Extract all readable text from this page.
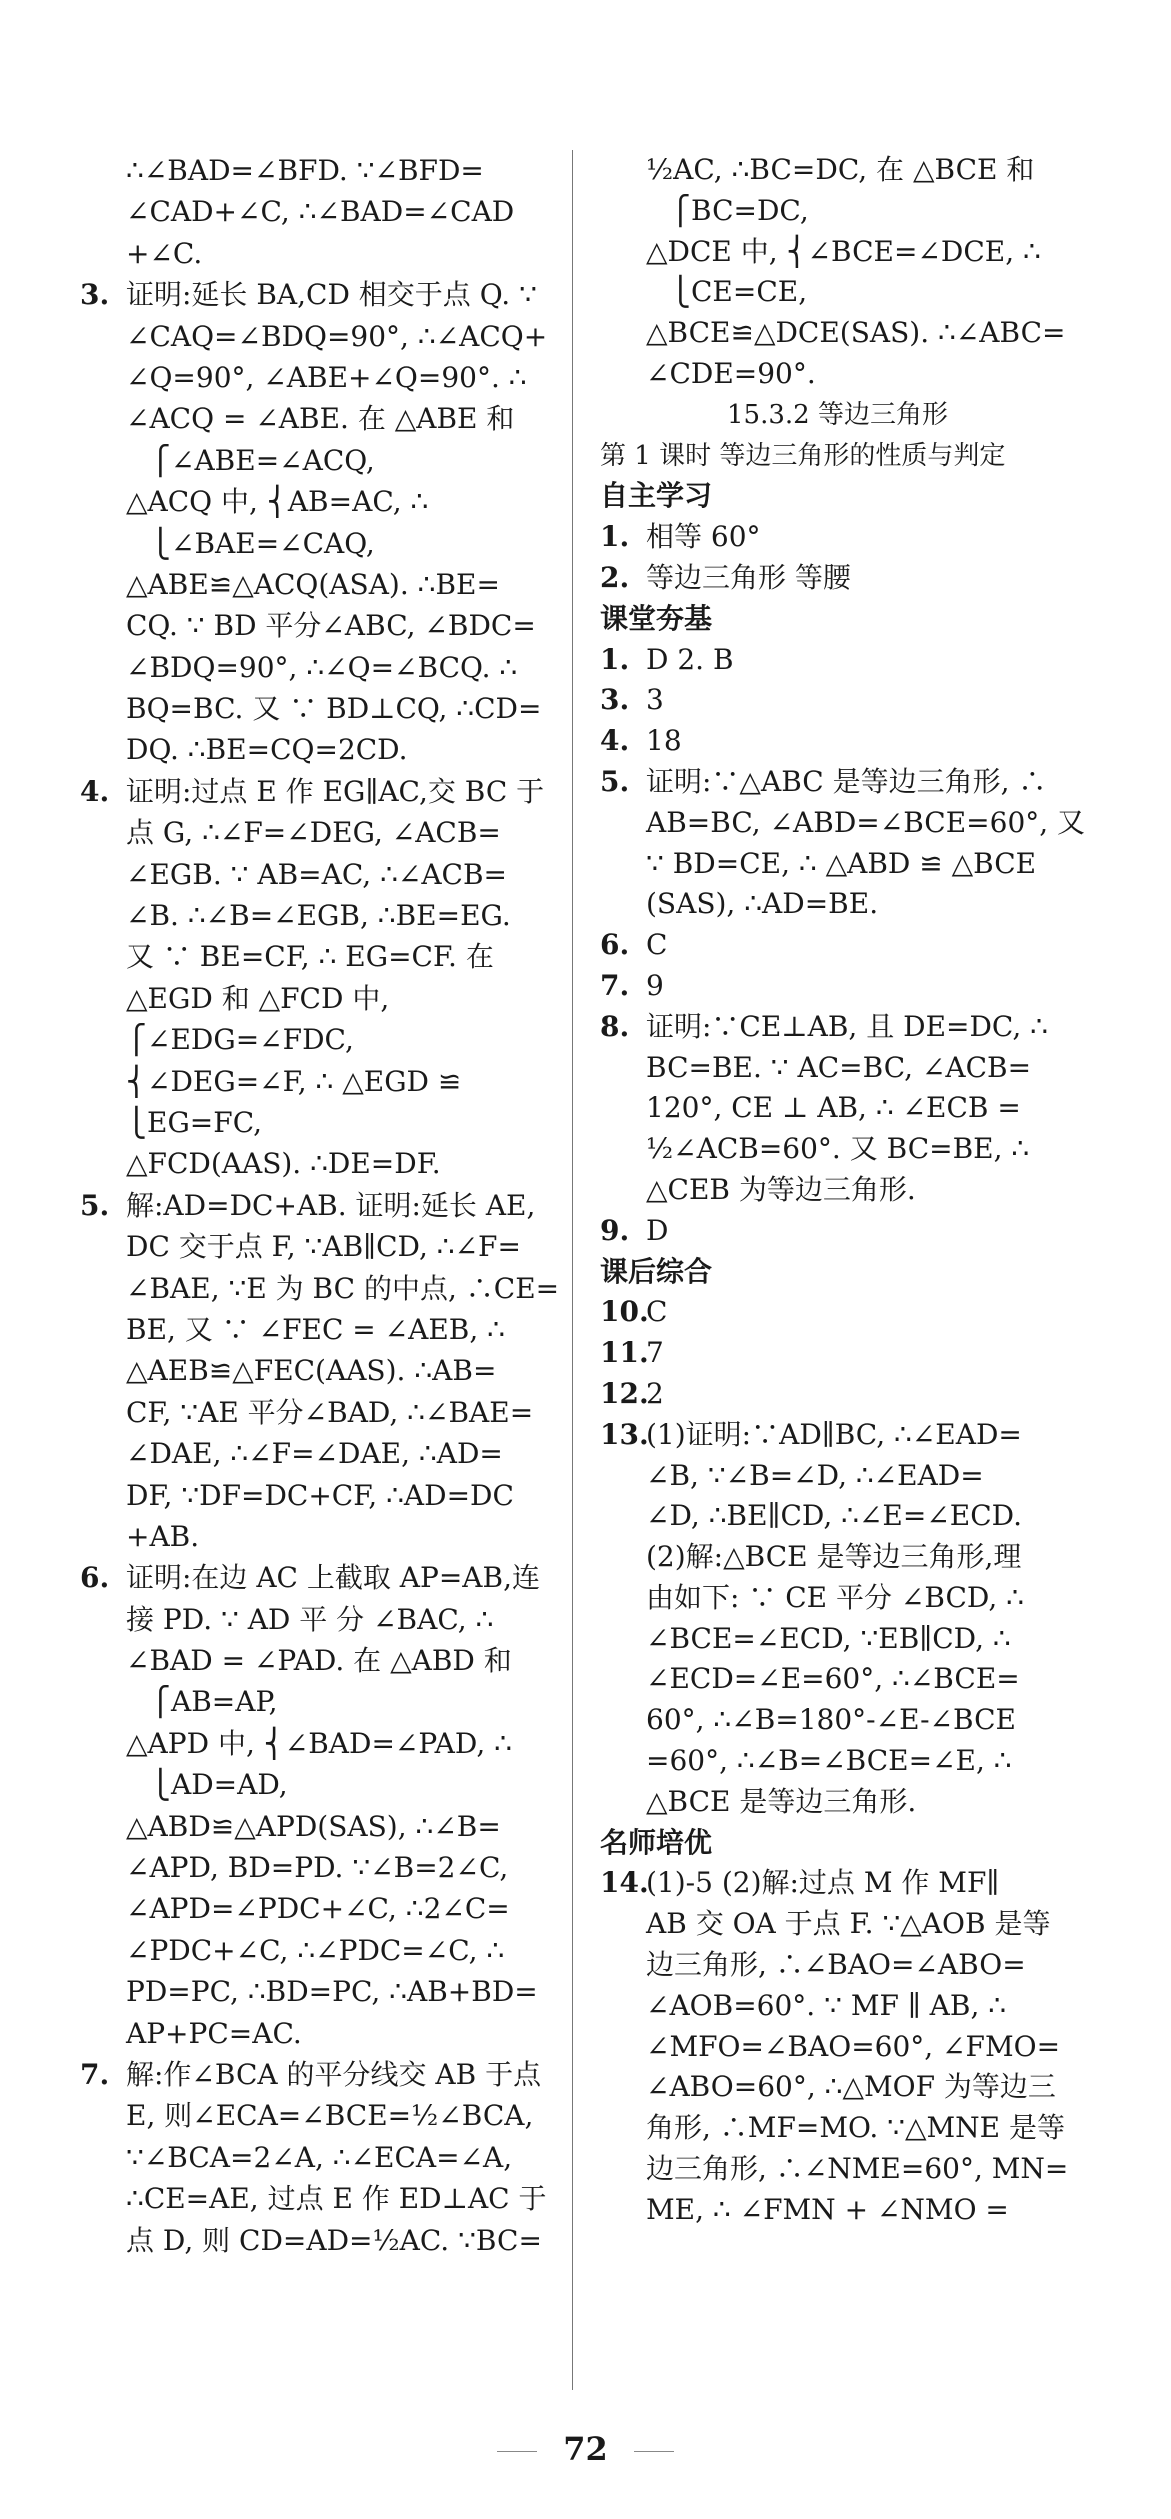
∴∠BAD=∠BFD. ∵∠BFD=
∠CAD+∠C, ∴∠BAD=∠CAD
+∠C.
3. 证明:延长 BA,CD 相交于点 Q. ∵
∠CAQ=∠BDQ=90°, ∴∠ACQ+
∠Q=90°, ∠ABE+∠Q=90°. ∴
∠ACQ = ∠ABE. 在 △ABE 和
⎧∠ABE=∠ACQ,
△ACQ 中, ⎨AB=AC, ∴
⎩∠BAE=∠CAQ,
△ABE≌△ACQ(ASA). ∴BE=
CQ. ∵ BD 平分∠ABC, ∠BDC=
∠BDQ=90°, ∴∠Q=∠BCQ. ∴
BQ=BC. 又 ∵ BD⊥CQ, ∴CD=
DQ. ∴BE=CQ=2CD.
4. 证明:过点 E 作 EG∥AC,交 BC 于
点 G, ∴∠F=∠DEG, ∠ACB=
∠EGB. ∵ AB=AC, ∴∠ACB=
∠B. ∴∠B=∠EGB, ∴BE=EG.
又 ∵ BE=CF, ∴ EG=CF. 在
△EGD 和 △FCD 中,
⎧∠EDG=∠FDC,
⎨∠DEG=∠F, ∴ △EGD ≌
⎩EG=FC,
△FCD(AAS). ∴DE=DF.
5. 解:AD=DC+AB. 证明:延长 AE,
DC 交于点 F, ∵AB∥CD, ∴∠F=
∠BAE, ∵E 为 BC 的中点, ∴CE=
BE, 又 ∵ ∠FEC = ∠AEB, ∴
△AEB≌△FEC(AAS). ∴AB=
CF, ∵AE 平分∠BAD, ∴∠BAE=
∠DAE, ∴∠F=∠DAE, ∴AD=
DF, ∵DF=DC+CF, ∴AD=DC
+AB.
6. 证明:在边 AC 上截取 AP=AB,连
接 PD. ∵ AD 平 分 ∠BAC, ∴
∠BAD = ∠PAD. 在 △ABD 和
⎧AB=AP,
△APD 中, ⎨∠BAD=∠PAD, ∴
⎩AD=AD,
△ABD≌△APD(SAS), ∴∠B=
∠APD, BD=PD. ∵∠B=2∠C,
∠APD=∠PDC+∠C, ∴2∠C=
∠PDC+∠C, ∴∠PDC=∠C, ∴
PD=PC, ∴BD=PC, ∴AB+BD=
AP+PC=AC.
7. 解:作∠BCA 的平分线交 AB 于点
E, 则∠ECA=∠BCE=½∠BCA,
∵∠BCA=2∠A, ∴∠ECA=∠A,
∴CE=AE, 过点 E 作 ED⊥AC 于
点 D, 则 CD=AD=½AC. ∵BC=
½AC, ∴BC=DC, 在 △BCE 和
⎧BC=DC,
△DCE 中, ⎨∠BCE=∠DCE, ∴
⎩CE=CE,
△BCE≌△DCE(SAS). ∴∠ABC=
∠CDE=90°.
15.3.2 等边三角形
第 1 课时 等边三角形的性质与判定
自主学习
1. 相等 60°
2. 等边三角形 等腰
课堂夯基
1. D 2. B
3. 3
4. 18
5. 证明:∵△ABC 是等边三角形, ∴
AB=BC, ∠ABD=∠BCE=60°, 又
∵ BD=CE, ∴ △ABD ≌ △BCE
(SAS), ∴AD=BE.
6. C
7. 9
8. 证明:∵CE⊥AB, 且 DE=DC, ∴
BC=BE. ∵ AC=BC, ∠ACB=
120°, CE ⊥ AB, ∴ ∠ECB =
½∠ACB=60°. 又 BC=BE, ∴
△CEB 为等边三角形.
9. D
课后综合
10.
C
11.
7
12.
2
13.
(1)证明:∵AD∥BC, ∴∠EAD=
∠B, ∵∠B=∠D, ∴∠EAD=
∠D, ∴BE∥CD, ∴∠E=∠ECD.
(2)解:△BCE 是等边三角形,理
由如下: ∵ CE 平分 ∠BCD, ∴
∠BCE=∠ECD, ∵EB∥CD, ∴
∠ECD=∠E=60°, ∴∠BCE=
60°, ∴∠B=180°-∠E-∠BCE
=60°, ∴∠B=∠BCE=∠E, ∴
△BCE 是等边三角形.
名师培优
14.
(1)-5 (2)解:过点 M 作 MF∥
AB 交 OA 于点 F. ∵△AOB 是等
边三角形, ∴∠BAO=∠ABO=
∠AOB=60°. ∵ MF ∥ AB, ∴
∠MFO=∠BAO=60°, ∠FMO=
∠ABO=60°, ∴△MOF 为等边三
角形, ∴MF=MO. ∵△MNE 是等
边三角形, ∴∠NME=60°, MN=
ME, ∴ ∠FMN + ∠NMO =
72
